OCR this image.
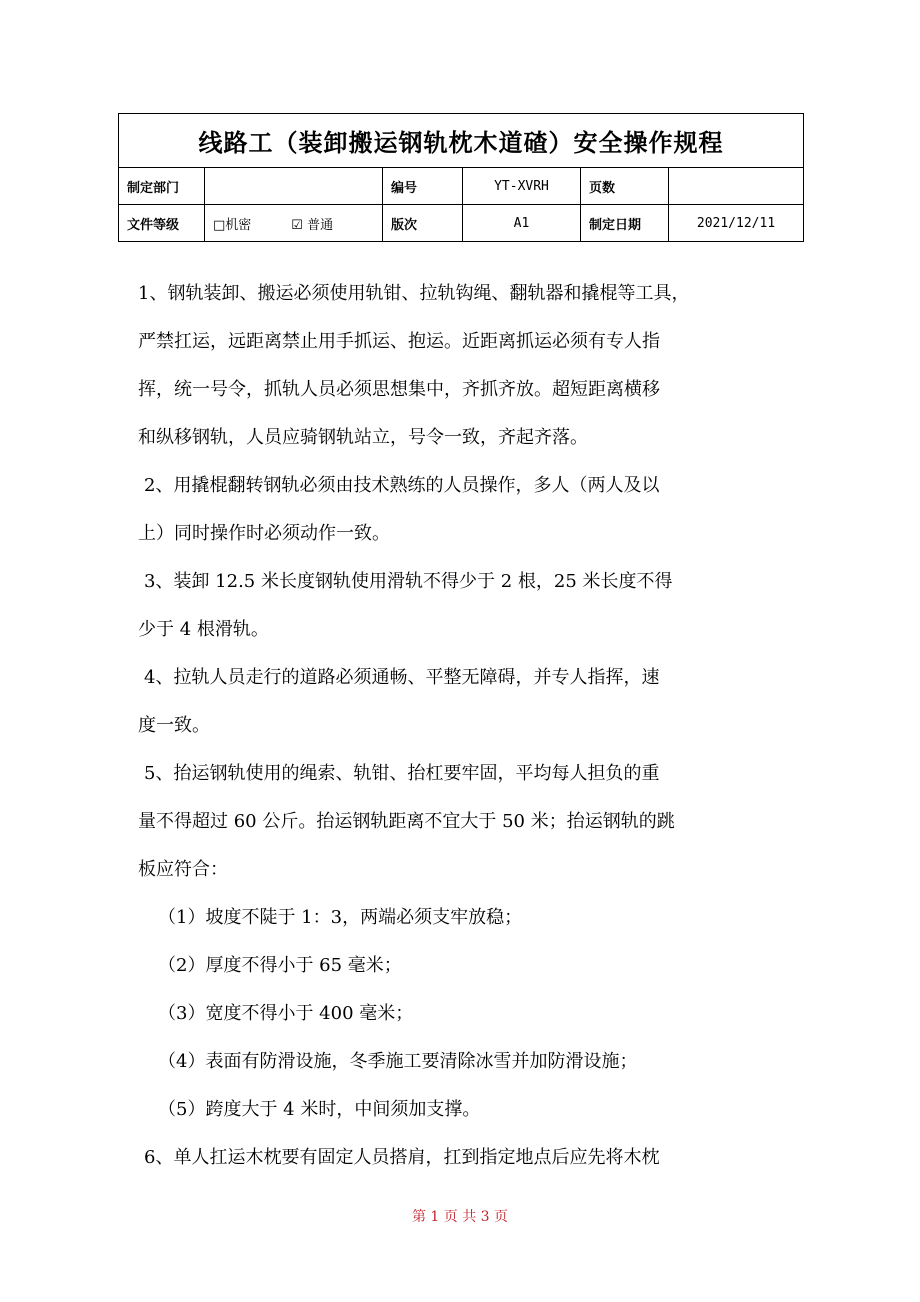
线路工（装卸搬运钢轨枕木道碴）安全操作规程					
制定部门		编号	YT-XVRH	页数	
文件等级	□机密 ☑ 普通	版次	A1	制定日期	2021/12/11
1、钢轨装卸、搬运必须使用轨钳、拉轨钩绳、翻轨器和撬棍等工具，
严禁扛运，远距离禁止用手抓运、抱运。近距离抓运必须有专人指
挥，统一号令，抓轨人员必须思想集中，齐抓齐放。超短距离横移
和纵移钢轨，人员应骑钢轨站立，号令一致，齐起齐落。
2、用撬棍翻转钢轨必须由技术熟练的人员操作，多人（两人及以
上）同时操作时必须动作一致。
3、装卸 12.5 米长度钢轨使用滑轨不得少于 2 根，25 米长度不得
少于 4 根滑轨。
4、拉轨人员走行的道路必须通畅、平整无障碍，并专人指挥，速
度一致。
5、抬运钢轨使用的绳索、轨钳、抬杠要牢固，平均每人担负的重
量不得超过 60 公斤。抬运钢轨距离不宜大于 50 米；抬运钢轨的跳
板应符合：
（1）坡度不陡于 1：3，两端必须支牢放稳；
（2）厚度不得小于 65 毫米；
（3）宽度不得小于 400 毫米；
（4）表面有防滑设施，冬季施工要清除冰雪并加防滑设施；
（5）跨度大于 4 米时，中间须加支撑。
6、单人扛运木枕要有固定人员搭肩，扛到指定地点后应先将木枕
第 1 页 共 3 页
